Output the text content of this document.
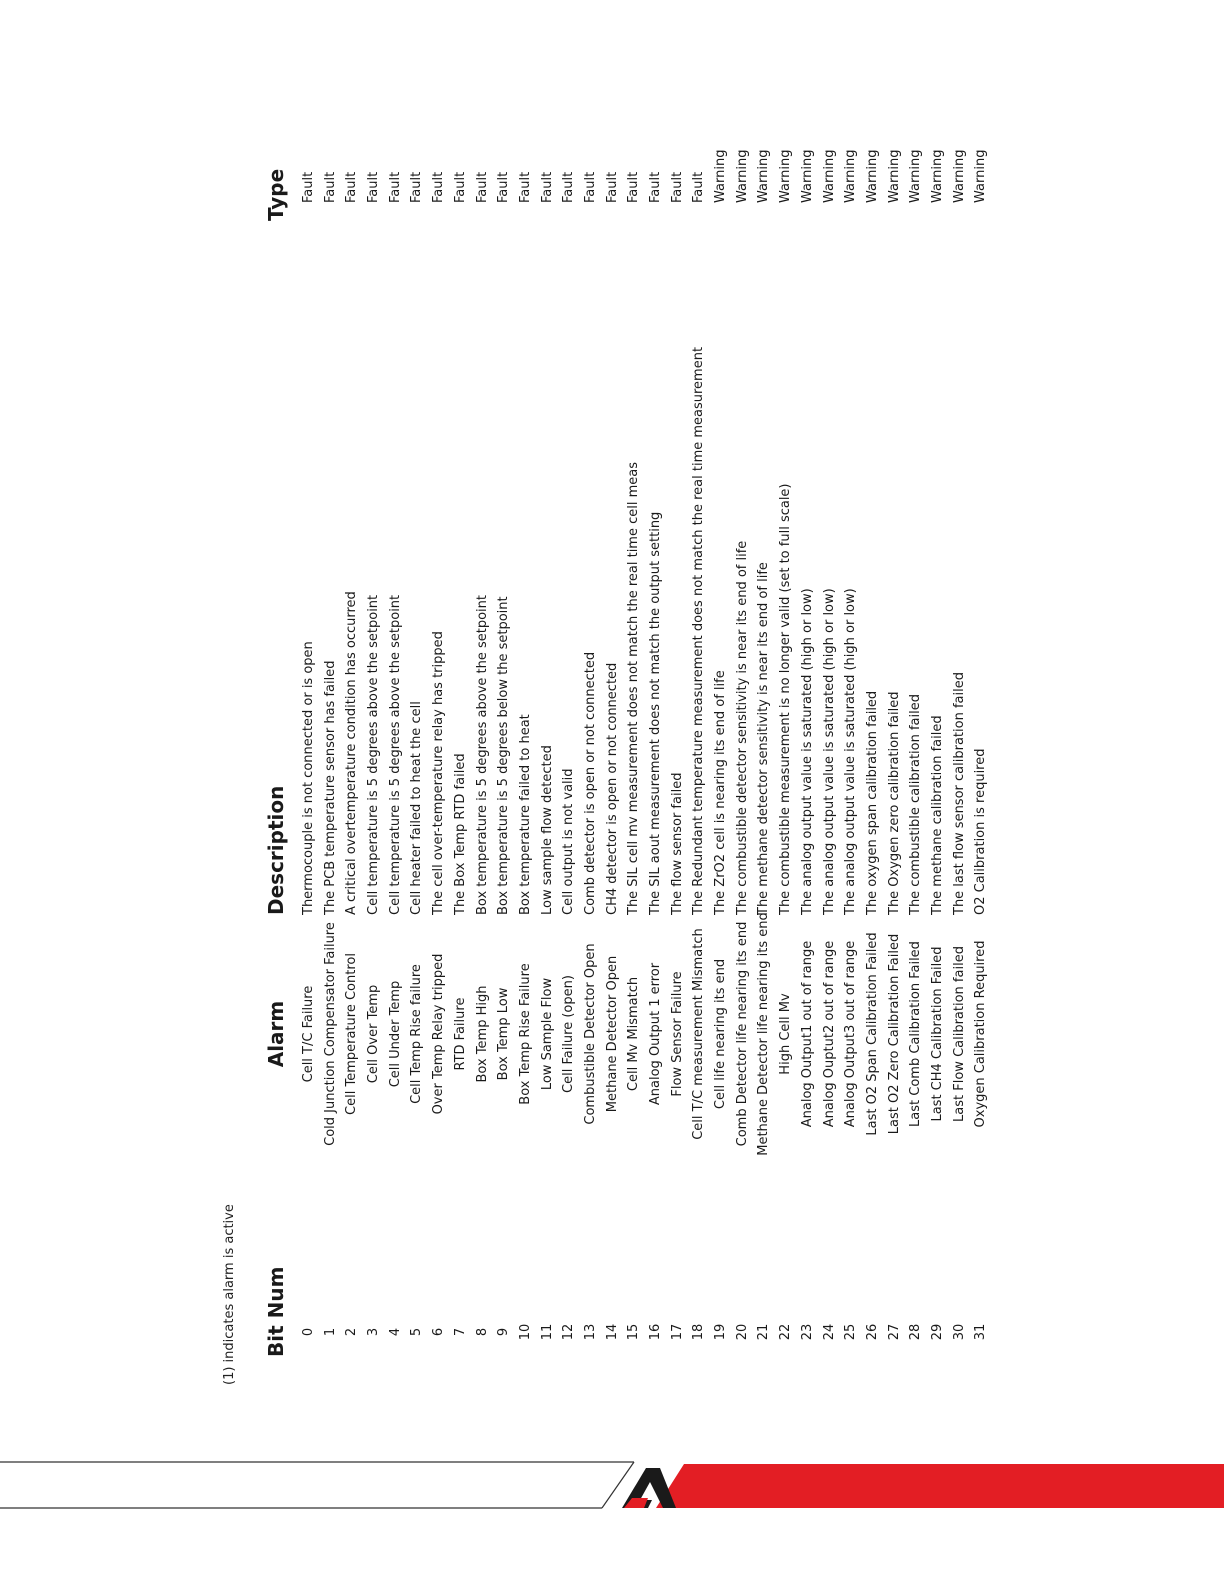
(1) indicates alarm is active Bit Num
Alarm
Description
Type
0
Cell T/C Failure
Thermocouple is not connected or is open
Fault
1
Cold Junction Compensator Failure
The PCB temperature sensor has failed
Fault
2
Cell Temperature Control
A critical overtemperature condition has occurred
Fault
3
Cell Over Temp
Cell temperature is 5 degrees above the setpoint
Fault
4
Cell Under Temp
Cell temperature is 5 degrees above the setpoint
Fault
5
Cell Temp Rise failure
Cell heater failed to heat the cell
Fault
6
Over Temp Relay tripped
The cell over-temperature relay has tripped
Fault
7
RTD Failure
The Box Temp RTD failed
Fault
8
Box Temp High
Box temperature is 5 degrees above the setpoint
Fault
9
Box Temp Low
Box temperature is 5 degrees below the setpoint
Fault
10
Box Temp Rise Failure
Box temperature failed to heat
Fault
11
Low Sample Flow
Low sample flow detected
Fault
12
Cell Failure (open)
Cell output is not valid
Fault
13
Combustible Detector Open
Comb detector is open or not connected
Fault
14
Methane Detector Open
CH4 detector is open or not connected
Fault
15
Cell Mv Mismatch
The SIL cell mv measurement does not match the real time cell meas
Fault
16
Analog Output 1 error
The SIL aout measurement does not match the output setting
Fault
17
Flow Sensor Failure
The flow sensor failed
Fault
18
Cell T/C measurement Mismatch
The Redundant temperature measurement does not match the real time measurement
Fault
19
Cell life nearing its end
The ZrO2 cell is nearing its end of life
Warning
20
Comb Detector life nearing its end
The combustible detector sensitivity is near its end of life
Warning
21
Methane Detector life nearing its end
The methane detector sensitivity is near its end of life
Warning
22
High Cell Mv
The combustible measurement is no longer valid (set to full scale)
Warning
23
Analog Output1 out of range
The analog output value is saturated (high or low)
Warning
24
Analog Ouptut2 out of range
The analog output value is saturated (high or low)
Warning
25
Analog Output3 out of range
The analog output value is saturated (high or low)
Warning
26
Last O2 Span Calibration Failed
The oxygen span calibration failed
Warning
27
Last O2 Zero Calibration Failed
The Oxygen zero calibration failed
Warning
28
Last Comb Calibration Failed
The combustible calibration failed
Warning
29
Last CH4 Calibration Failed
The methane calibration failed
Warning
30
Last Flow Calibration failed
The last flow sensor calibration failed
Warning
31
Oxygen Calibration Required
O2 Calibration is required
Warning
